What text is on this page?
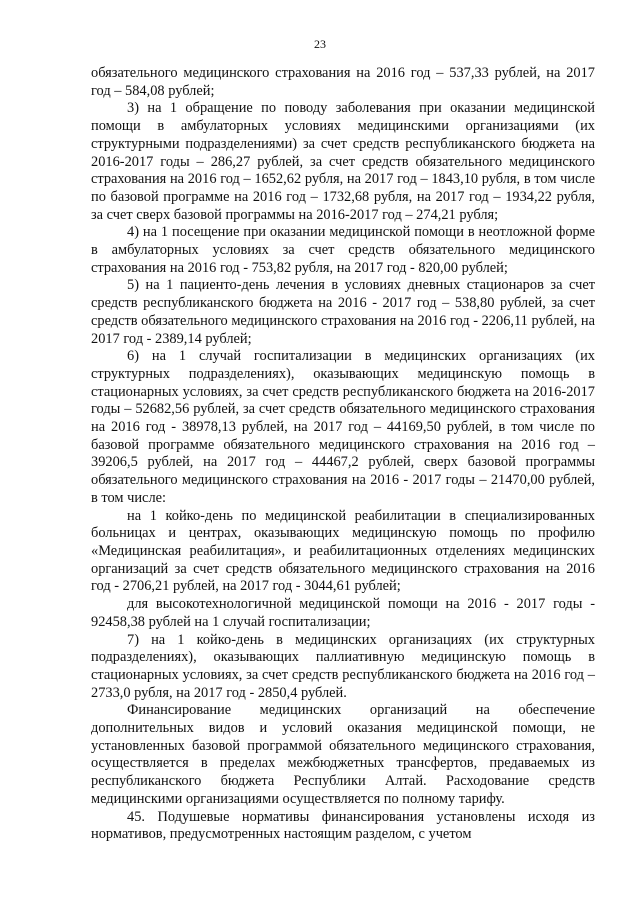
23

обязательного медицинского страхования на 2016 год – 537,33 рублей, на 2017 год – 584,08 рублей;

3) на 1 обращение по поводу заболевания при оказании медицинской помощи в амбулаторных условиях медицинскими организациями (их структурными подразделениями) за счет средств республиканского бюджета на 2016-2017 годы – 286,27 рублей, за счет средств обязательного медицинского страхования на 2016 год – 1652,62 рубля, на 2017 год – 1843,10 рубля, в том числе по базовой программе на 2016 год – 1732,68 рубля, на 2017 год – 1934,22 рубля, за счет сверх базовой программы на 2016-2017 год – 274,21 рубля;

4) на 1 посещение при оказании медицинской помощи в неотложной форме в амбулаторных условиях за счет средств обязательного медицинского страхования на 2016 год - 753,82 рубля, на 2017 год - 820,00 рублей;

5) на 1 пациенто-день лечения в условиях дневных стационаров за счет средств республиканского бюджета на 2016 - 2017 год – 538,80 рублей, за счет средств обязательного медицинского страхования на 2016 год - 2206,11 рублей, на 2017 год - 2389,14 рублей;

6) на 1 случай госпитализации в медицинских организациях (их структурных подразделениях), оказывающих медицинскую помощь в стационарных условиях, за счет средств республиканского бюджета на 2016-2017 годы – 52682,56 рублей, за счет средств обязательного медицинского страхования на 2016 год - 38978,13 рублей, на 2017 год – 44169,50 рублей, в том числе по базовой программе обязательного медицинского страхования на 2016 год – 39206,5 рублей, на 2017 год – 44467,2 рублей, сверх базовой программы обязательного медицинского страхования на 2016 - 2017 годы – 21470,00 рублей, в том числе:

на 1 койко-день по медицинской реабилитации в специализированных больницах и центрах, оказывающих медицинскую помощь по профилю «Медицинская реабилитация», и реабилитационных отделениях медицинских организаций за счет средств обязательного медицинского страхования на 2016 год - 2706,21 рублей, на 2017 год - 3044,61 рублей;

для высокотехнологичной медицинской помощи на 2016 - 2017 годы - 92458,38 рублей на 1 случай госпитализации;

7) на 1 койко-день в медицинских организациях (их структурных подразделениях), оказывающих паллиативную медицинскую помощь в стационарных условиях, за счет средств республиканского бюджета на 2016 год – 2733,0 рубля, на 2017 год - 2850,4 рублей.

Финансирование медицинских организаций на обеспечение дополнительных видов и условий оказания медицинской помощи, не установленных базовой программой обязательного медицинского страхования, осуществляется в пределах межбюджетных трансфертов, предаваемых из республиканского бюджета Республики Алтай. Расходование средств медицинскими организациями осуществляется по полному тарифу.

45. Подушевые нормативы финансирования установлены исходя из нормативов, предусмотренных настоящим разделом, с учетом
